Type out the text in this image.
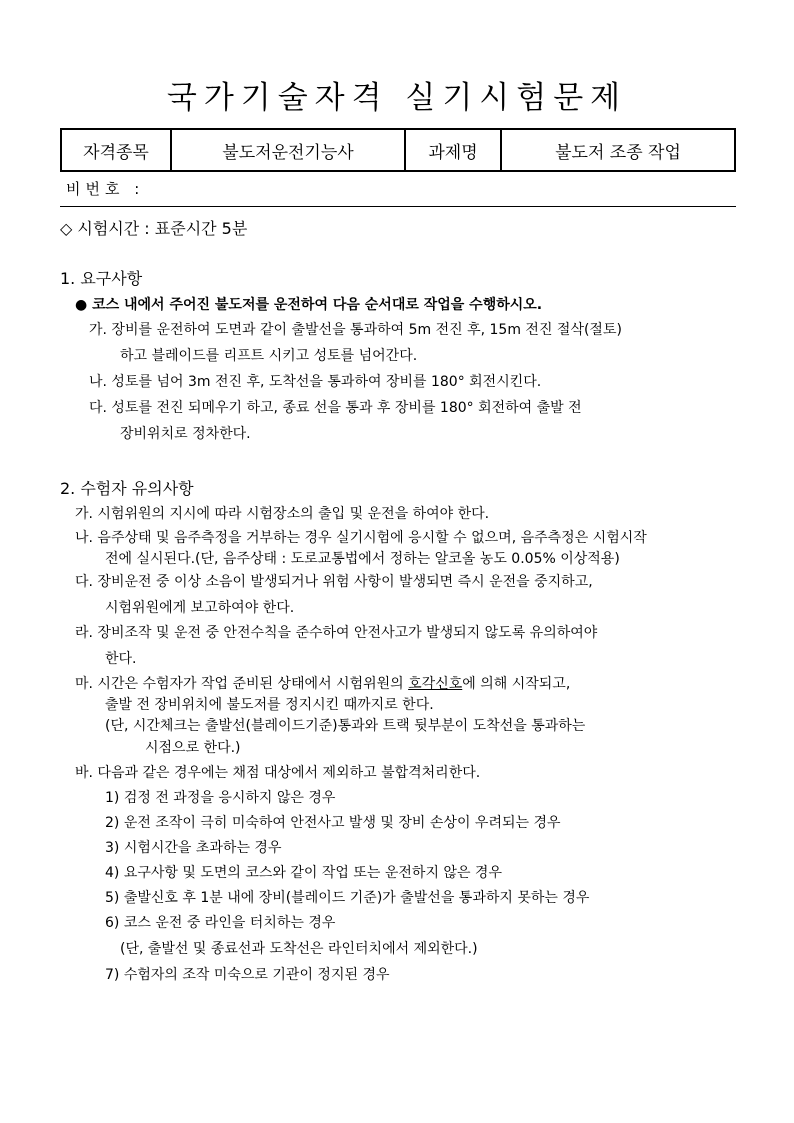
국가기술자격 실기시험문제
자격종목	불도저운전기능사	과제명	불도저 조종 작업
비번호 :
◇ 시험시간 : 표준시간 5분
1. 요구사항
● 코스 내에서 주어진 불도저를 운전하여 다음 순서대로 작업을 수행하시오.
가. 장비를 운전하여 도면과 같이 출발선을 통과하여 5m 전진 후, 15m 전진 절삭(절토)
하고 블레이드를 리프트 시키고 성토를 넘어간다.
나. 성토를 넘어 3m 전진 후, 도착선을 통과하여 장비를 180° 회전시킨다.
다. 성토를 전진 되메우기 하고, 종료 선을 통과 후 장비를 180° 회전하여 출발 전
장비위치로 정차한다.
2. 수험자 유의사항
가. 시험위원의 지시에 따라 시험장소의 출입 및 운전을 하여야 한다.
나. 음주상태 및 음주측정을 거부하는 경우 실기시험에 응시할 수 없으며, 음주측정은 시험시작
전에 실시된다.(단, 음주상태 : 도로교통법에서 정하는 알코올 농도 0.05% 이상적용)
다. 장비운전 중 이상 소음이 발생되거나 위험 사항이 발생되면 즉시 운전을 중지하고,
시험위원에게 보고하여야 한다.
라. 장비조작 및 운전 중 안전수칙을 준수하여 안전사고가 발생되지 않도록 유의하여야
한다.
마. 시간은 수험자가 작업 준비된 상태에서 시험위원의 호각신호에 의해 시작되고,
출발 전 장비위치에 불도저를 정지시킨 때까지로 한다.
(단, 시간체크는 출발선(블레이드기준)통과와 트랙 뒷부분이 도착선을 통과하는
시점으로 한다.)
바. 다음과 같은 경우에는 채점 대상에서 제외하고 불합격처리한다.
1) 검정 전 과정을 응시하지 않은 경우
2) 운전 조작이 극히 미숙하여 안전사고 발생 및 장비 손상이 우려되는 경우
3) 시험시간을 초과하는 경우
4) 요구사항 및 도면의 코스와 같이 작업 또는 운전하지 않은 경우
5) 출발신호 후 1분 내에 장비(블레이드 기준)가 출발선을 통과하지 못하는 경우
6) 코스 운전 중 라인을 터치하는 경우
(단, 출발선 및 종료선과 도착선은 라인터치에서 제외한다.)
7) 수험자의 조작 미숙으로 기관이 정지된 경우
